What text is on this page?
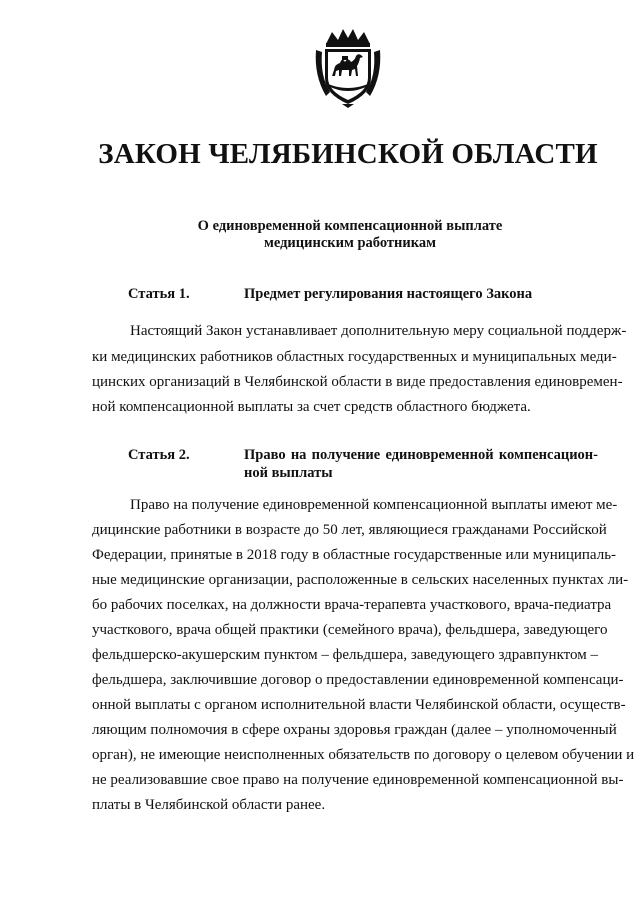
ЗАКОН ЧЕЛЯБИНСКОЙ ОБЛАСТИ
О единовременной компенсационной выплате
медицинским работникам
Статья 1.	Предмет регулирования настоящего Закона
Настоящий Закон устанавливает дополнительную меру социальной поддерж-
ки медицинских работников областных государственных и муниципальных меди-
цинских организаций в Челябинской области в виде предоставления единовремен-
ной компенсационной выплаты за счет средств областного бюджета.
Статья 2.	Право на получение единовременной компенсацион-
ной выплаты
Право на получение единовременной компенсационной выплаты имеют ме-
дицинские работники в возрасте до 50 лет, являющиеся гражданами Российской
Федерации, принятые в 2018 году в областные государственные или муниципаль-
ные медицинские организации, расположенные в сельских населенных пунктах ли-
бо рабочих поселках, на должности врача-терапевта участкового, врача-педиатра
участкового, врача общей практики (семейного врача), фельдшера, заведующего
фельдшерско-акушерским пунктом – фельдшера, заведующего здравпунктом –
фельдшера, заключившие договор о предоставлении единовременной компенсаци-
онной выплаты с органом исполнительной власти Челябинской области, осуществ-
ляющим полномочия в сфере охраны здоровья граждан (далее – уполномоченный
орган), не имеющие неисполненных обязательств по договору о целевом обучении и
не реализовавшие свое право на получение единовременной компенсационной вы-
платы в Челябинской области ранее.
